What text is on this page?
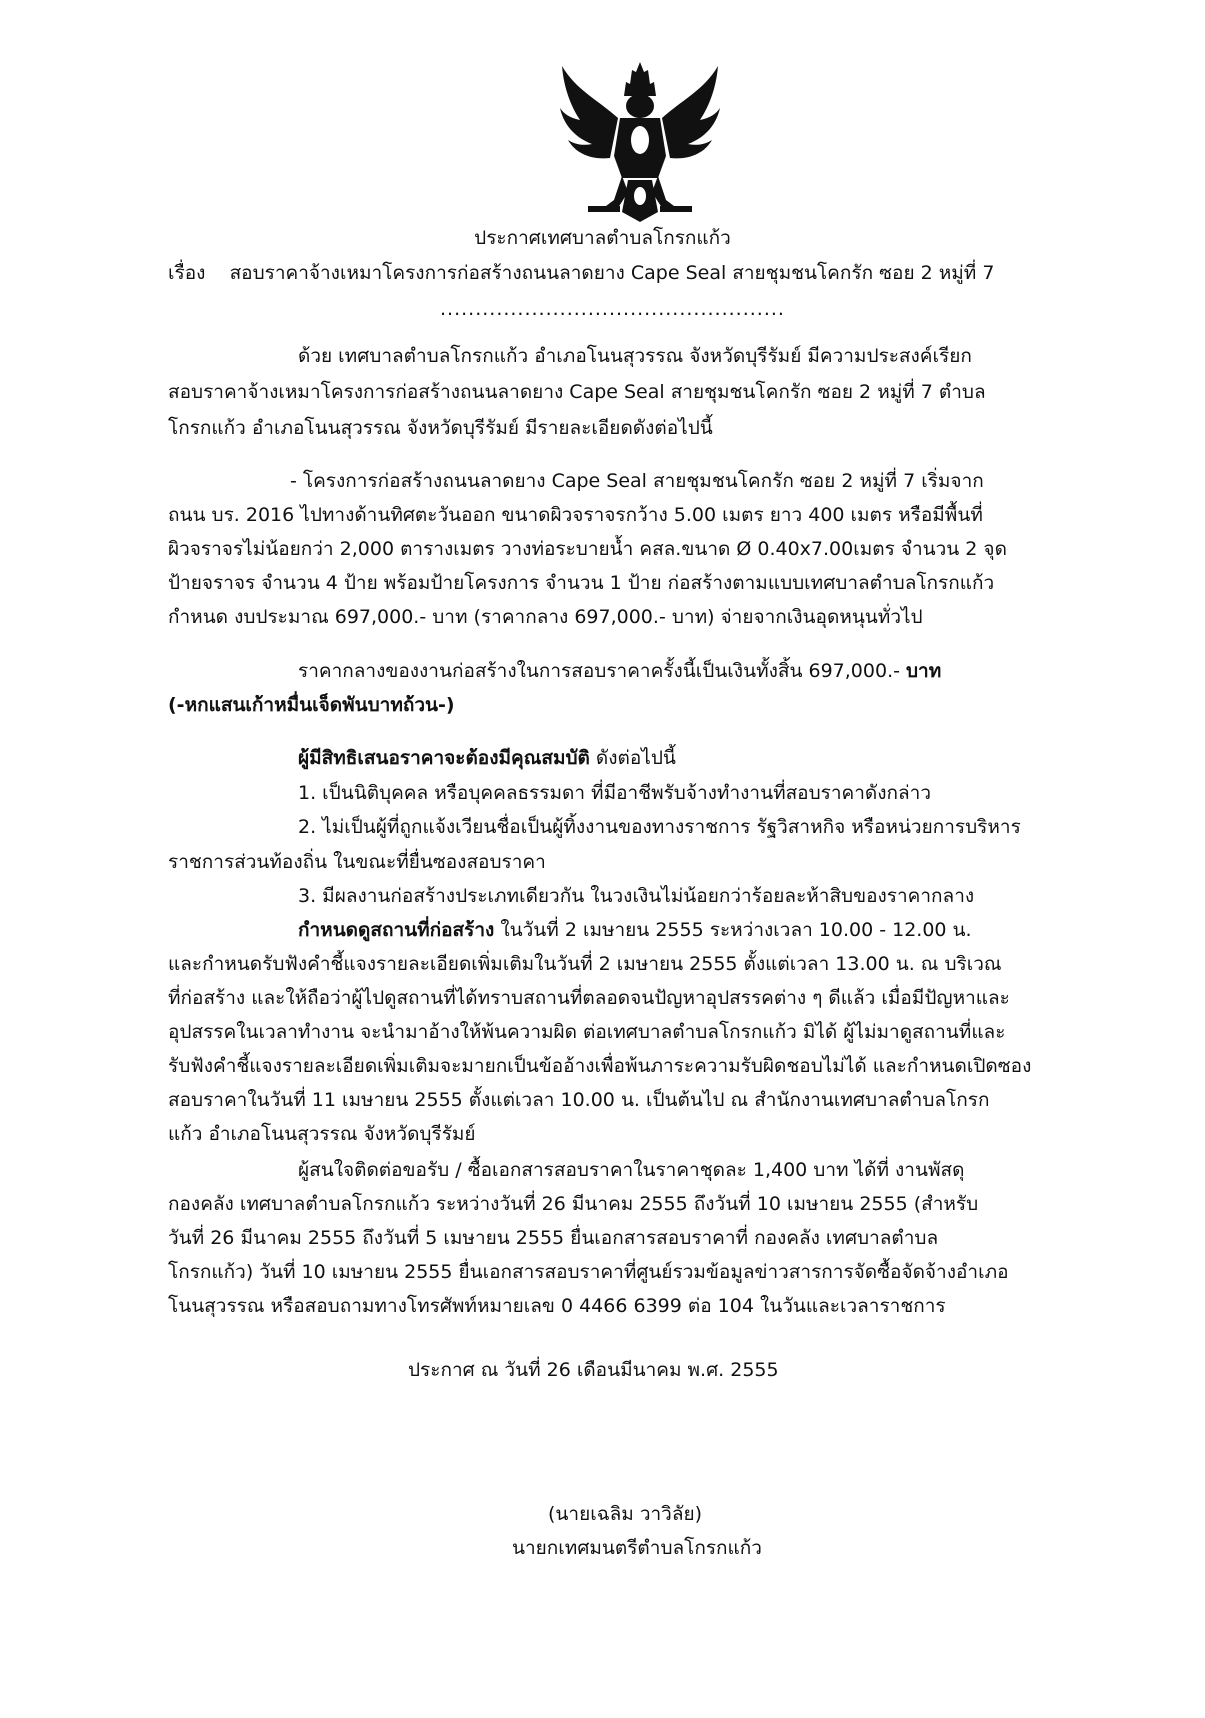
ประกาศเทศบาลตำบลโกรกแก้ว
เรื่อง สอบราคาจ้างเหมาโครงการก่อสร้างถนนลาดยาง Cape Seal สายชุมชนโคกรัก ซอย 2 หมู่ที่ 7
.................................................
ด้วย เทศบาลตำบลโกรกแก้ว อำเภอโนนสุวรรณ จังหวัดบุรีรัมย์ มีความประสงค์เรียก
สอบราคาจ้างเหมาโครงการก่อสร้างถนนลาดยาง Cape Seal สายชุมชนโคกรัก ซอย 2 หมู่ที่ 7 ตำบล
โกรกแก้ว อำเภอโนนสุวรรณ จังหวัดบุรีรัมย์ มีรายละเอียดดังต่อไปนี้
- โครงการก่อสร้างถนนลาดยาง Cape Seal สายชุมชนโคกรัก ซอย 2 หมู่ที่ 7 เริ่มจาก
ถนน บร. 2016 ไปทางด้านทิศตะวันออก ขนาดผิวจราจรกว้าง 5.00 เมตร ยาว 400 เมตร หรือมีพื้นที่
ผิวจราจรไม่น้อยกว่า 2,000 ตารางเมตร วางท่อระบายน้ำ คสล.ขนาด Ø 0.40x7.00เมตร จำนวน 2 จุด
ป้ายจราจร จำนวน 4 ป้าย พร้อมป้ายโครงการ จำนวน 1 ป้าย ก่อสร้างตามแบบเทศบาลตำบลโกรกแก้ว
กำหนด งบประมาณ 697,000.- บาท (ราคากลาง 697,000.- บาท) จ่ายจากเงินอุดหนุนทั่วไป
ราคากลางของงานก่อสร้างในการสอบราคาครั้งนี้เป็นเงินทั้งสิ้น 697,000.- บาท
(-หกแสนเก้าหมื่นเจ็ดพันบาทถ้วน-)
ผู้มีสิทธิเสนอราคาจะต้องมีคุณสมบัติ ดังต่อไปนี้
1. เป็นนิติบุคคล หรือบุคคลธรรมดา ที่มีอาชีพรับจ้างทำงานที่สอบราคาดังกล่าว
2. ไม่เป็นผู้ที่ถูกแจ้งเวียนชื่อเป็นผู้ทิ้งงานของทางราชการ รัฐวิสาหกิจ หรือหน่วยการบริหาร
ราชการส่วนท้องถิ่น ในขณะที่ยื่นซองสอบราคา
3. มีผลงานก่อสร้างประเภทเดียวกัน ในวงเงินไม่น้อยกว่าร้อยละห้าสิบของราคากลาง
กำหนดดูสถานที่ก่อสร้าง ในวันที่ 2 เมษายน 2555 ระหว่างเวลา 10.00 - 12.00 น.
และกำหนดรับฟังคำชี้แจงรายละเอียดเพิ่มเติมในวันที่ 2 เมษายน 2555 ตั้งแต่เวลา 13.00 น. ณ บริเวณ
ที่ก่อสร้าง และให้ถือว่าผู้ไปดูสถานที่ได้ทราบสถานที่ตลอดจนปัญหาอุปสรรคต่าง ๆ ดีแล้ว เมื่อมีปัญหาและ
อุปสรรคในเวลาทำงาน จะนำมาอ้างให้พ้นความผิด ต่อเทศบาลตำบลโกรกแก้ว มิได้ ผู้ไม่มาดูสถานที่และ
รับฟังคำชี้แจงรายละเอียดเพิ่มเติมจะมายกเป็นข้ออ้างเพื่อพ้นภาระความรับผิดชอบไม่ได้ และกำหนดเปิดซอง
สอบราคาในวันที่ 11 เมษายน 2555 ตั้งแต่เวลา 10.00 น. เป็นต้นไป ณ สำนักงานเทศบาลตำบลโกรก
แก้ว อำเภอโนนสุวรรณ จังหวัดบุรีรัมย์
ผู้สนใจติดต่อขอรับ / ซื้อเอกสารสอบราคาในราคาชุดละ 1,400 บาท ได้ที่ งานพัสดุ
กองคลัง เทศบาลตำบลโกรกแก้ว ระหว่างวันที่ 26 มีนาคม 2555 ถึงวันที่ 10 เมษายน 2555 (สำหรับ
วันที่ 26 มีนาคม 2555 ถึงวันที่ 5 เมษายน 2555 ยื่นเอกสารสอบราคาที่ กองคลัง เทศบาลตำบล
โกรกแก้ว) วันที่ 10 เมษายน 2555 ยื่นเอกสารสอบราคาที่ศูนย์รวมข้อมูลข่าวสารการจัดซื้อจัดจ้างอำเภอ
โนนสุวรรณ หรือสอบถามทางโทรศัพท์หมายเลข 0 4466 6399 ต่อ 104 ในวันและเวลาราชการ
ประกาศ ณ วันที่ 26 เดือนมีนาคม พ.ศ. 2555
(นายเฉลิม วาวิลัย)
นายกเทศมนตรีตำบลโกรกแก้ว
